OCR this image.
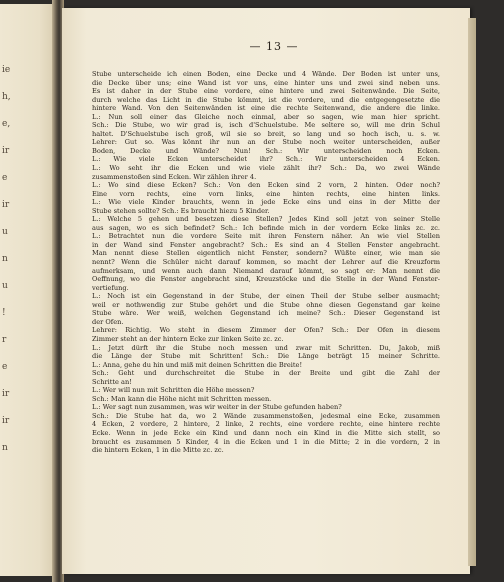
ie
h,
e,
ir
e
ir
u
n
u
!
r
e
ir
ir
n
— 13 —
Stube unterscheide ich einen Boden, eine Decke und 4 Wände. Der Boden ist unter uns,
die Decke über uns; eine Wand ist vor uns, eine hinter uns und zwei sind neben uns.
Es ist daher in der Stube eine vordere, eine hintere und zwei Seitenwände. Die Seite,
durch welche das Licht in die Stube kömmt, ist die vordere, und die entgegengesetzte die
hintere Wand. Von den Seitenwänden ist eine die rechte Seitenwand, die andere die linke.
L.: Nun soll einer das Gleiche noch einmal, aber so sagen, wie man hier spricht.
Sch.: Die Stube, wo wir grad is, isch d'Schuelstube. Me seltere so, will me drin Schul
haltet. D'Schuelstube isch groß, wil sie so breit, so lang und so hoch isch, u. s. w.
Lehrer: Gut so. Was könnt ihr nun an der Stube noch weiter unterscheiden, außer
Boden, Decke und Wände? Nun! Sch.: Wir unterscheiden noch Ecken.
L.: Wie viele Ecken unterscheidet ihr? Sch.: Wir unterscheiden 4 Ecken.
L.: Wo seht ihr die Ecken und wie viele zählt ihr? Sch.: Da, wo zwei Wände
zusammenstoßen sind Ecken. Wir zählen ihrer 4.
L.: Wo sind diese Ecken? Sch.: Von den Ecken sind 2 vorn, 2 hinten. Oder noch?
Eine vorn rechts, eine vorn links, eine hinten rechts, eine hinten links.
L.: Wie viele Kinder brauchts, wenn in jede Ecke eins und eins in der Mitte der
Stube stehen sollte? Sch.: Es braucht hiezu 5 Kinder.
L.: Welche 5 gehen und besetzen diese Stellen? Jedes Kind soll jetzt von seiner Stelle
aus sagen, wo es sich befindet? Sch.: Ich befinde mich in der vordern Ecke links zc. zc.
L.: Betrachtet nun die vordere Seite mit ihren Fenstern näher. An wie viel Stellen
in der Wand sind Fenster angebracht? Sch.: Es sind an 4 Stellen Fenster angebracht.
Man nennt diese Stellen eigentlich nicht Fenster, sondern? Wüßte einer, wie man sie
nennt? Wenn die Schüler nicht darauf kommen, so macht der Lehrer auf die Kreuzform
aufmerksam, und wenn auch dann Niemand darauf kömmt, so sagt er: Man nennt die
Oeffnung, wo die Fenster angebracht sind, Kreuzstöcke und die Stelle in der Wand Fenster-
vertiefung.
L.: Noch ist ein Gegenstand in der Stube, der einen Theil der Stube selber ausmacht;
weil er nothwendig zur Stube gehört und die Stube ohne diesen Gegenstand gar keine
Stube wäre. Wer weiß, welchen Gegenstand ich meine? Sch.: Dieser Gegenstand ist
der Ofen.
Lehrer: Richtig. Wo steht in diesem Zimmer der Ofen? Sch.: Der Ofen in diesem
Zimmer steht an der hintern Ecke zur linken Seite zc. zc.
L.: Jetzt dürft ihr die Stube noch messen und zwar mit Schritten. Du, Jakob, miß
die Länge der Stube mit Schritten! Sch.: Die Länge beträgt 15 meiner Schritte.
L.: Anna, gehe du hin und miß mit deinen Schritten die Breite!
Sch.: Geht und durchschreitet die Stube in der Breite und gibt die Zahl der
Schritte an!
L.: Wer will nun mit Schritten die Höhe messen?
Sch.: Man kann die Höhe nicht mit Schritten messen.
L.: Wer sagt nun zusammen, was wir weiter in der Stube gefunden haben?
Sch.: Die Stube hat da, wo 2 Wände zusammenstoßen, jedesmal eine Ecke, zusammen
4 Ecken, 2 vordere, 2 hintere, 2 linke, 2 rechts, eine vordere rechte, eine hintere rechte
Ecke. Wenn in jede Ecke ein Kind und dann noch ein Kind in die Mitte sich stellt, so
braucht es zusammen 5 Kinder, 4 in die Ecken und 1 in die Mitte; 2 in die vordern, 2 in
die hintern Ecken, 1 in die Mitte zc. zc.
